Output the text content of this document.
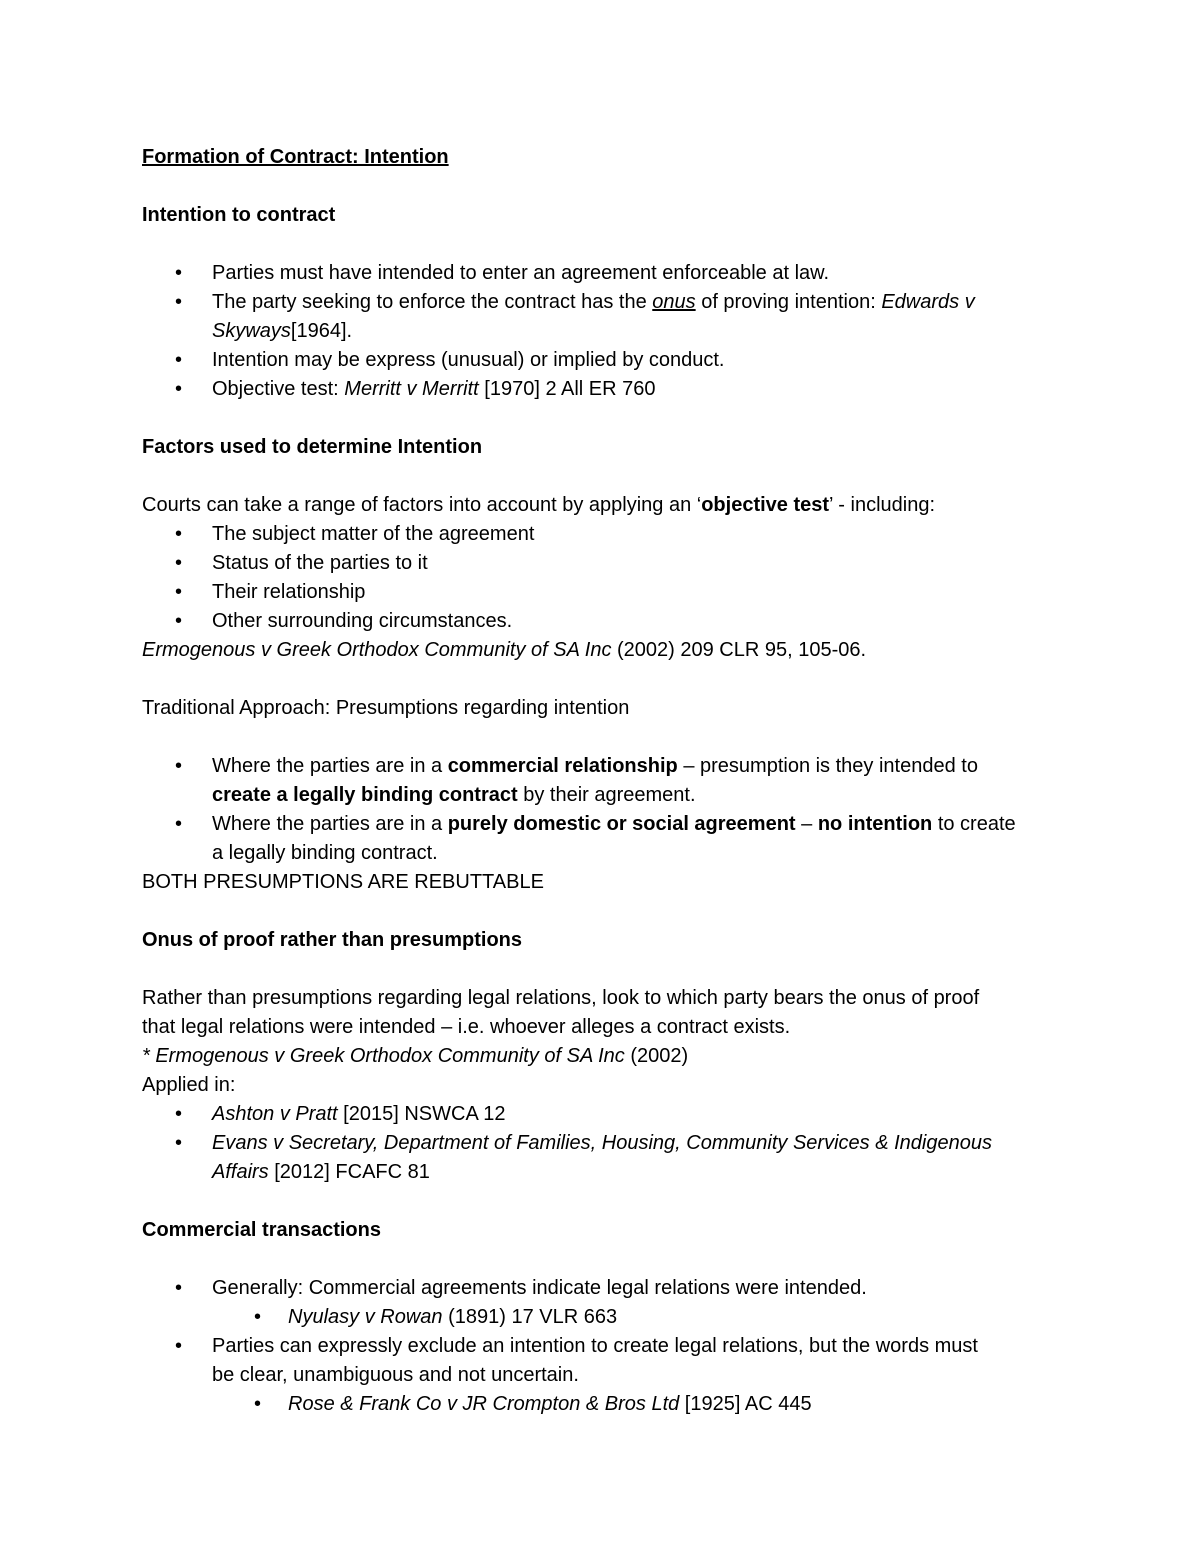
Formation of Contract: Intention
Intention to contract
• Parties must have intended to enter an agreement enforceable at law.
• The party seeking to enforce the contract has the onus of proving intention: Edwards v
Skyways[1964].
• Intention may be express (unusual) or implied by conduct.
• Objective test: Merritt v Merritt [1970] 2 All ER 760
Factors used to determine Intention
Courts can take a range of factors into account by applying an ‘objective test’ - including:
• The subject matter of the agreement
• Status of the parties to it
• Their relationship
• Other surrounding circumstances.
Ermogenous v Greek Orthodox Community of SA Inc (2002) 209 CLR 95, 105-06.
Traditional Approach: Presumptions regarding intention
• Where the parties are in a commercial relationship – presumption is they intended to
create a legally binding contract by their agreement.
• Where the parties are in a purely domestic or social agreement – no intention to create
a legally binding contract.
BOTH PRESUMPTIONS ARE REBUTTABLE
Onus of proof rather than presumptions
Rather than presumptions regarding legal relations, look to which party bears the onus of proof
that legal relations were intended – i.e. whoever alleges a contract exists.
* Ermogenous v Greek Orthodox Community of SA Inc (2002)
Applied in:
• Ashton v Pratt [2015] NSWCA 12
• Evans v Secretary, Department of Families, Housing, Community Services & Indigenous
Affairs [2012] FCAFC 81
Commercial transactions
• Generally: Commercial agreements indicate legal relations were intended.
• Nyulasy v Rowan (1891) 17 VLR 663
• Parties can expressly exclude an intention to create legal relations, but the words must
be clear, unambiguous and not uncertain.
• Rose & Frank Co v JR Crompton & Bros Ltd [1925] AC 445
